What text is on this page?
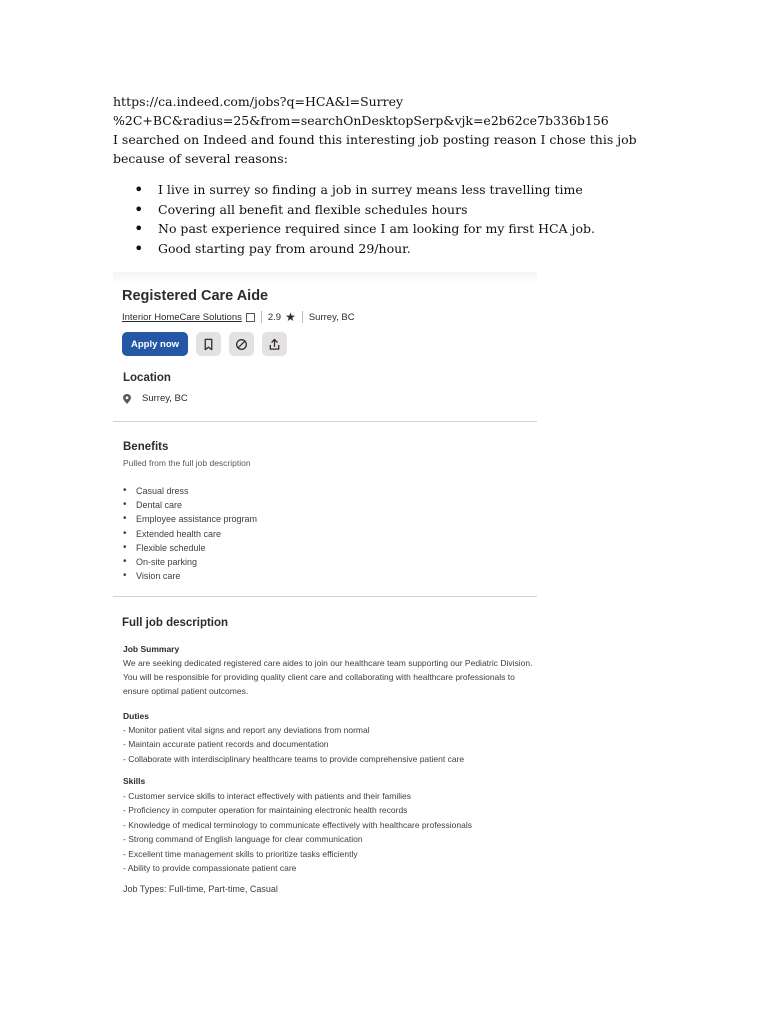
https://ca.indeed.com/jobs?q=HCA&l=Surrey

%2C+BC&radius=25&from=searchOnDesktopSerp&vjk=e2b62ce7b336b156

I searched on Indeed and found this interesting job posting reason I chose this job because of several reasons:

• I live in surrey so finding a job in surrey means less travelling time
• Covering all benefit and flexible schedules hours
• No past experience required since I am looking for my first HCA job.
• Good starting pay from around 29/hour.
Registered Care Aide
Interior HomeCare Solutions	2.9 ★ Surrey, BC
Apply now
Location
Surrey, BC
Benefits
Pulled from the full job description
• Casual dress
• Dental care
• Employee assistance program
• Extended health care
• Flexible schedule
• On-site parking
• Vision care
Full job description
Job Summary

We are seeking dedicated registered care aides to join our healthcare team supporting our Pediatric Division. You will be responsible for providing quality client care and collaborating with healthcare professionals to ensure optimal patient outcomes.

Duties
- Monitor patient vital signs and report any deviations from normal
- Maintain accurate patient records and documentation
- Collaborate with interdisciplinary healthcare teams to provide comprehensive patient care
Skills
- Customer service skills to interact effectively with patients and their families
- Proficiency in computer operation for maintaining electronic health records
- Knowledge of medical terminology to communicate effectively with healthcare professionals
- Strong command of English language for clear communication
- Excellent time management skills to prioritize tasks efficiently
- Ability to provide compassionate patient care
Job Types: Full-time, Part-time, Casual
